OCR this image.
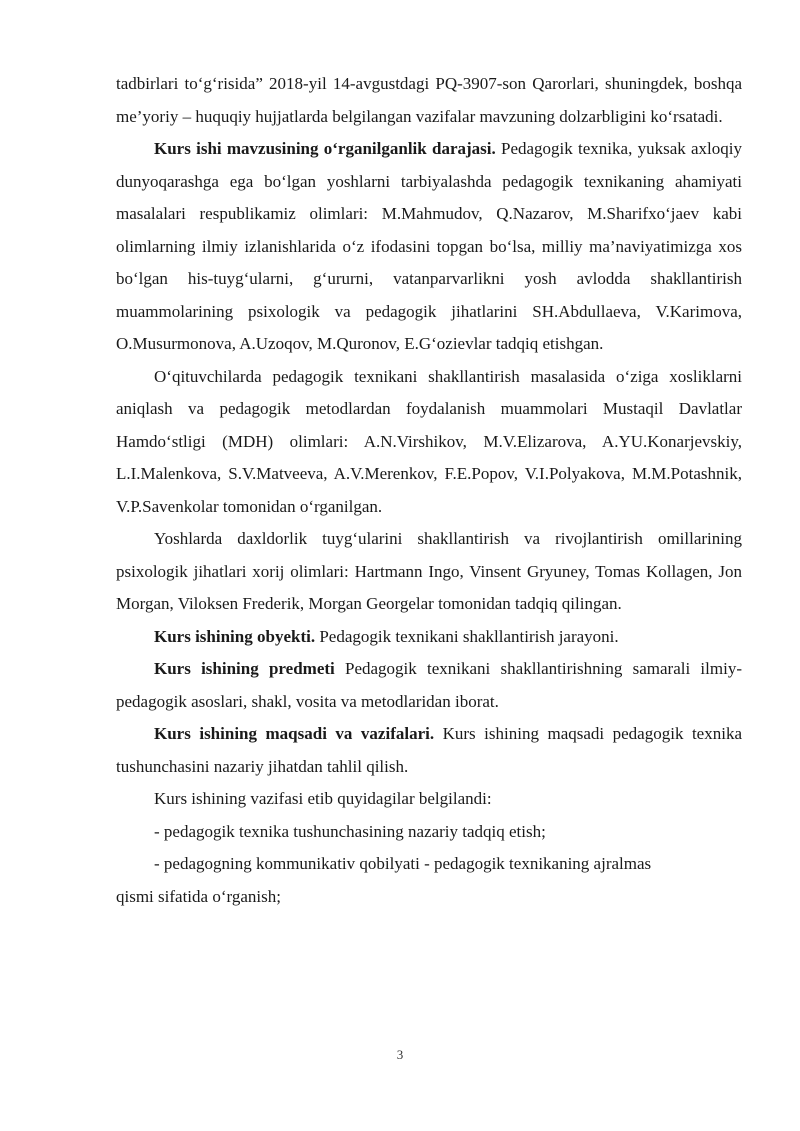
tadbirlari to‘g‘risida” 2018-yil 14-avgustdagi PQ-3907-son Qarorlari, shuningdek, boshqa me’yoriy – huquqiy hujjatlarda belgilangan vazifalar mavzuning dolzarbligini ko‘rsatadi.

Kurs ishi mavzusining o‘rganilganlik darajasi. Pedagogik texnika, yuksak axloqiy dunyoqarashga ega bo‘lgan yoshlarni tarbiyalashda pedagogik texnikaning ahamiyati masalalari respublikamiz olimlari: M.Mahmudov, Q.Nazarov, M.Sharifxo‘jaev kabi olimlarning ilmiy izlanishlarida o‘z ifodasini topgan bo‘lsa, milliy ma’naviyatimizga xos bo‘lgan his-tuyg‘ularni, g‘ururni, vatanparvarlikni yosh avlodda shakllantirish muammolarining psixologik va pedagogik jihatlarini SH.Abdullaeva, V.Karimova, O.Musurmonova, A.Uzoqov, M.Quronov, E.G‘ozievlar tadqiq etishgan.

O‘qituvchilarda pedagogik texnikani shakllantirish masalasida o‘ziga xosliklarni aniqlash va pedagogik metodlardan foydalanish muammolari Mustaqil Davlatlar Hamdo‘stligi (MDH) olimlari: A.N.Virshikov, M.V.Elizarova, A.YU.Konarjevskiy, L.I.Malenkova, S.V.Matveeva, A.V.Merenkov, F.E.Popov, V.I.Polyakova, M.M.Potashnik, V.P.Savenkolar tomonidan o‘rganilgan.

Yoshlarda daxldorlik tuyg‘ularini shakllantirish va rivojlantirish omillarining psixologik jihatlari xorij olimlari: Hartmann Ingo, Vinsent Gryuney, Tomas Kollagen, Jon Morgan, Viloksen Frederik, Morgan Georgelar tomonidan tadqiq qilingan.

Kurs ishining obyekti. Pedagogik texnikani shakllantirish jarayoni.

Kurs ishining predmeti Pedagogik texnikani shakllantirishning samarali ilmiy-pedagogik asoslari, shakl, vosita va metodlaridan iborat.

Kurs ishining maqsadi va vazifalari. Kurs ishining maqsadi pedagogik texnika tushunchasini nazariy jihatdan tahlil qilish.

Kurs ishining vazifasi etib quyidagilar belgilandi:

- pedagogik texnika tushunchasining nazariy tadqiq etish;

- pedagogning kommunikativ qobilyati - pedagogik texnikaning ajralmas

qismi sifatida o‘rganish;

3
